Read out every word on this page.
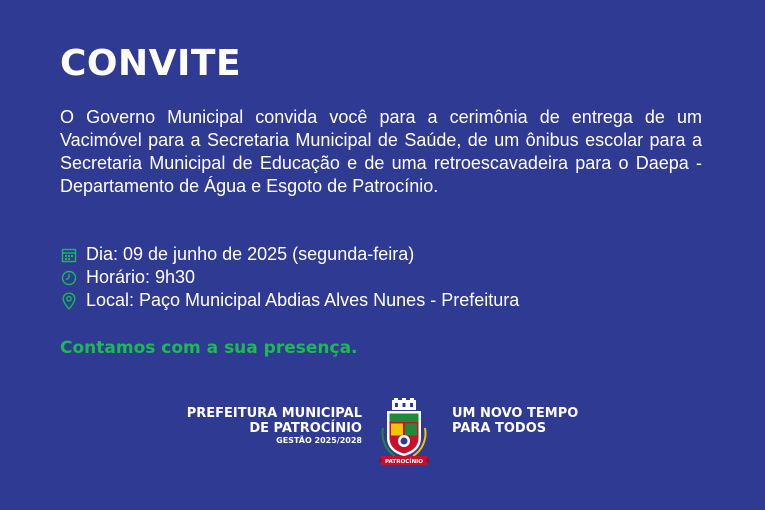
CONVITE
O Governo Municipal convida você para a cerimônia de entrega de um Vacimóvel para a Secretaria Municipal de Saúde, de um ônibus escolar para a Secretaria Municipal de Educação e de uma retroescavadeira para o Daepa - Departamento de Água e Esgoto de Patrocínio.
Dia: 09 de junho de 2025 (segunda-feira)
Horário: 9h30
Local: Paço Municipal Abdias Alves Nunes - Prefeitura
Contamos com a sua presença.
PREFEITURA MUNICIPAL
DE PATROCÍNIO
GESTÃO 2025/2028
PATROCÍNIO
UM NOVO TEMPO
PARA TODOS
